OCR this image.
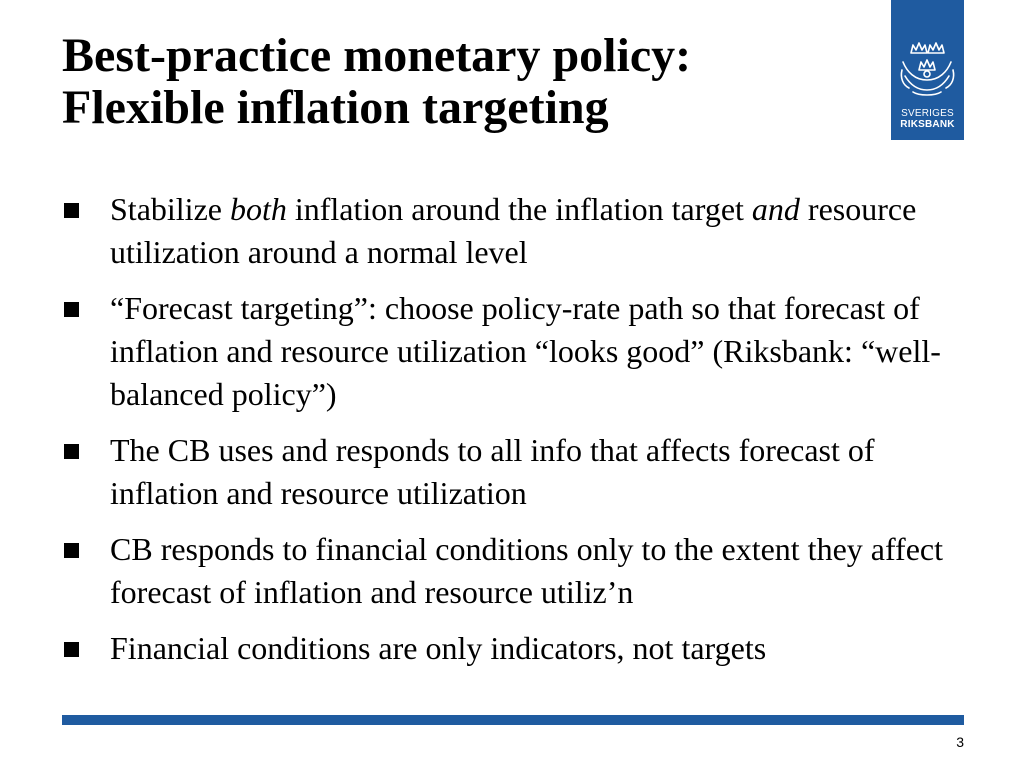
Best-practice monetary policy:
Flexible inflation targeting	SVERIGES
RIKSBANK
Stabilize both inflation around the inflation target and resource utilization around a normal level
“Forecast targeting”: choose policy-rate path so that forecast of inflation and resource utilization “looks good” (Riksbank: “well-balanced policy”)
The CB uses and responds to all info that affects forecast of inflation and resource utilization
CB responds to financial conditions only to the extent they affect forecast of inflation and resource utiliz’n
Financial conditions are only indicators, not targets
3
